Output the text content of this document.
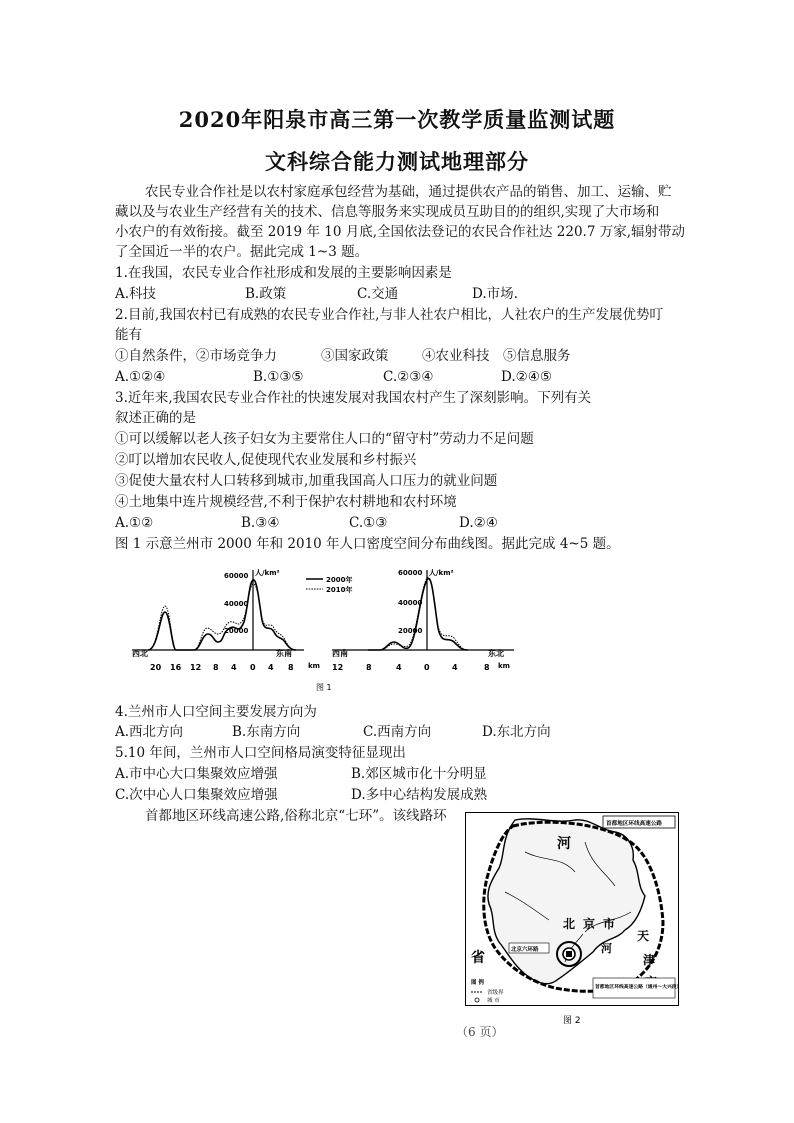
2020年阳泉市高三第一次教学质量监测试题
文科综合能力测试地理部分
农民专业合作社是以农村家庭承包经营为基础，通过提供农产品的销售、加工、运输、贮
藏以及与农业生产经营有关的技术、信息等服务来实现成员互助目的的组织,实现了大市场和
小农户的有效衔接。截至 2019 年 10 月底,全国依法登记的农民合作社达 220.7 万家,辐射带动
了全国近一半的农户。据此完成 1~3 题。
1.在我国，农民专业合作社形成和发展的主要影响因素是
A.科技	B.政策	C.交通	D.市场.
2.目前,我国农村已有成熟的农民专业合作社,与非人社农户相比，人社农户的生产发展优势叮
能有
①自然条件，②市场竞争力	③国家政策 ④农业科技 ⑤信息服务
A.①②④	B.①③⑤	C.②③④	D.②④⑤
3.近年来,我国农民专业合作社的快速发展对我国农村产生了深刻影响。下列有关
叙述正确的是
①可以缓解以老人孩子妇女为主要常住人口的“留守村”劳动力不足问题
②叮以增加农民收人,促使现代农业发展和乡村振兴
③促使大量农村人口转移到城市,加重我国高人口压力的就业问题
④土地集中连片规模经营,不利于保护农村耕地和农村环境
A.①②	B.③④	C.①③	D.②④
图 1 示意兰州市 2000 年和 2010 年人口密度空间分布曲线图。据此完成 4~5 题。
人/km²
60000
40000
20000
2000年
2010年
西北	东南
20 16 12 8 4 0 4 8 km
人/km²
60000
40000
20000
西南	东北
12	8	4	0	4	8 km
图 1
4.兰州市人口空间主要发展方向为
A.西北方向	B.东南方向	C.西南方向	D.东北方向
5.10 年间，兰州市人口空间格局演变特征显现出
A.市中心大口集聚效应增强	B.郊区城市化十分明显
C.次中心人口集聚效应增强	D.多中心结构发展成熟
首都地区环线高速公路,俗称北京“七环”。该线路环	首都地区环线高速公路
河
北 京 市
河
天
津
省	北京六环路
图 例
省级界
城 市
首都地区环线高速公路（通州～大兴段）
图 2
（6 页）
